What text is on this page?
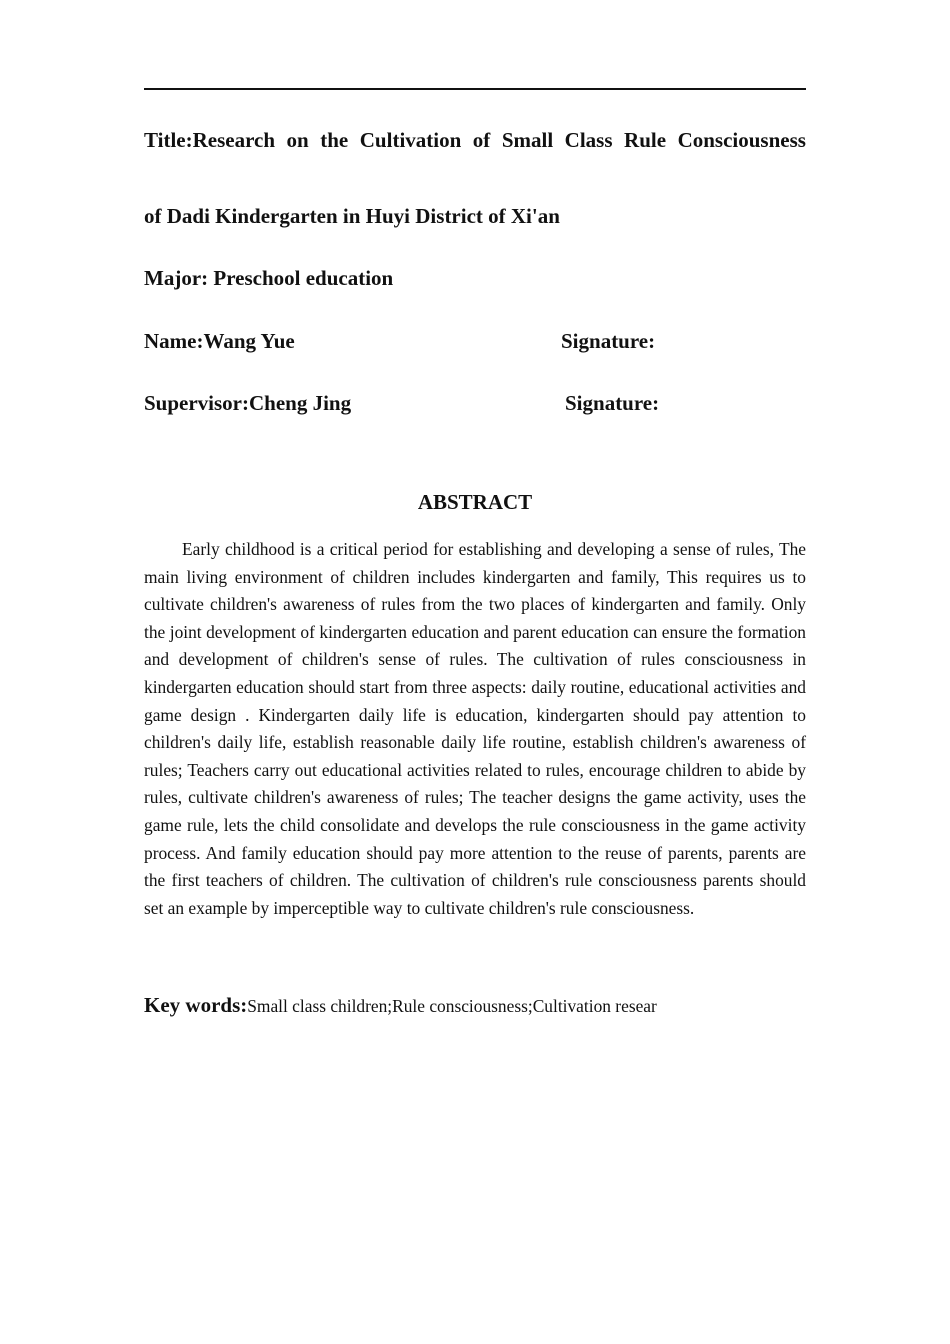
Title:Research on the Cultivation of Small Class Rule Consciousness
of Dadi Kindergarten in Huyi District of Xi'an
Major: Preschool education
Name:Wang Yue	Signature:
Supervisor:Cheng Jing	Signature:
ABSTRACT

Early childhood is a critical period for establishing and developing a sense of rules, The main living environment of children includes kindergarten and family, This requires us to cultivate children's awareness of rules from the two places of kindergarten and family. Only the joint development of kindergarten education and parent education can ensure the formation and development of children's sense of rules. The cultivation of rules consciousness in kindergarten education should start from three aspects: daily routine, educational activities and game design . Kindergarten daily life is education, kindergarten should pay attention to children's daily life, establish reasonable daily life routine, establish children's awareness of rules; Teachers carry out educational activities related to rules, encourage children to abide by rules, cultivate children's awareness of rules; The teacher designs the game activity, uses the game rule, lets the child consolidate and develops the rule consciousness in the game activity process. And family education should pay more attention to the reuse of parents, parents are the first teachers of children. The cultivation of children's rule consciousness parents should set an example by imperceptible way to cultivate children's rule consciousness.

Key words:Small class children;Rule consciousness;Cultivation resear
